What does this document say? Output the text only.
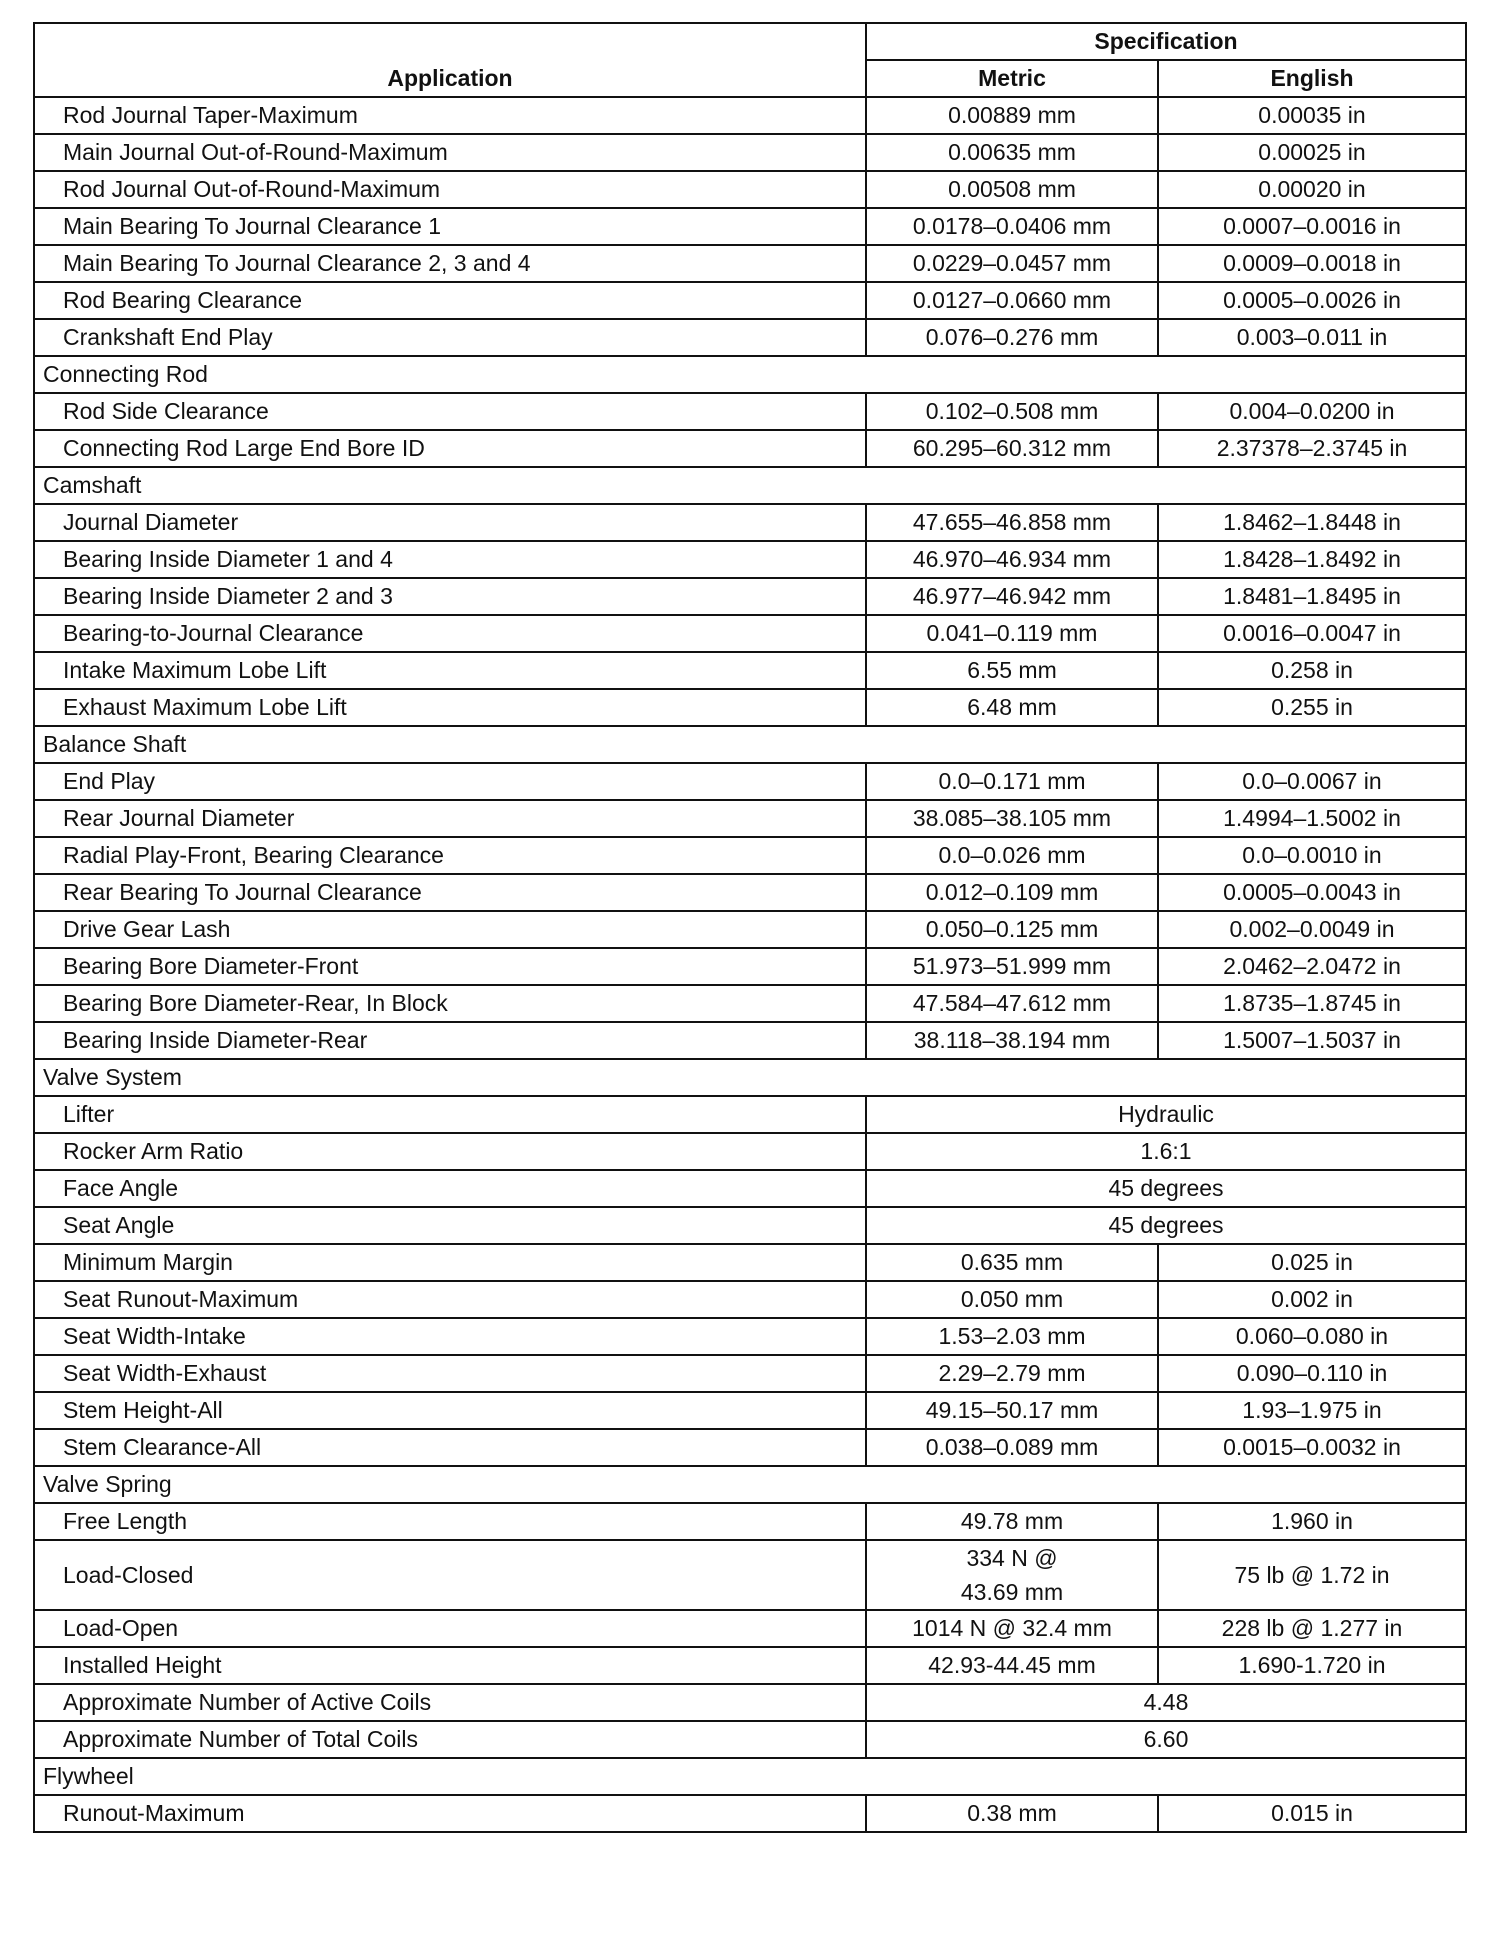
Application	Specification	
	Metric	English
Rod Journal Taper-Maximum	0.00889 mm	0.00035 in
Main Journal Out-of-Round-Maximum	0.00635 mm	0.00025 in
Rod Journal Out-of-Round-Maximum	0.00508 mm	0.00020 in
Main Bearing To Journal Clearance 1	0.0178–0.0406 mm	0.0007–0.0016 in
Main Bearing To Journal Clearance 2, 3 and 4	0.0229–0.0457 mm	0.0009–0.0018 in
Rod Bearing Clearance	0.0127–0.0660 mm	0.0005–0.0026 in
Crankshaft End Play	0.076–0.276 mm	0.003–0.011 in
Connecting Rod		
Rod Side Clearance	0.102–0.508 mm	0.004–0.0200 in
Connecting Rod Large End Bore ID	60.295–60.312 mm	2.37378–2.3745 in
Camshaft		
Journal Diameter	47.655–46.858 mm	1.8462–1.8448 in
Bearing Inside Diameter 1 and 4	46.970–46.934 mm	1.8428–1.8492 in
Bearing Inside Diameter 2 and 3	46.977–46.942 mm	1.8481–1.8495 in
Bearing-to-Journal Clearance	0.041–0.119 mm	0.0016–0.0047 in
Intake Maximum Lobe Lift	6.55 mm	0.258 in
Exhaust Maximum Lobe Lift	6.48 mm	0.255 in
Balance Shaft		
End Play	0.0–0.171 mm	0.0–0.0067 in
Rear Journal Diameter	38.085–38.105 mm	1.4994–1.5002 in
Radial Play-Front, Bearing Clearance	0.0–0.026 mm	0.0–0.0010 in
Rear Bearing To Journal Clearance	0.012–0.109 mm	0.0005–0.0043 in
Drive Gear Lash	0.050–0.125 mm	0.002–0.0049 in
Bearing Bore Diameter-Front	51.973–51.999 mm	2.0462–2.0472 in
Bearing Bore Diameter-Rear, In Block	47.584–47.612 mm	1.8735–1.8745 in
Bearing Inside Diameter-Rear	38.118–38.194 mm	1.5007–1.5037 in
Valve System		
Lifter	Hydraulic	
Rocker Arm Ratio	1.6:1	
Face Angle	45 degrees	
Seat Angle	45 degrees	
Minimum Margin	0.635 mm	0.025 in
Seat Runout-Maximum	0.050 mm	0.002 in
Seat Width-Intake	1.53–2.03 mm	0.060–0.080 in
Seat Width-Exhaust	2.29–2.79 mm	0.090–0.110 in
Stem Height-All	49.15–50.17 mm	1.93–1.975 in
Stem Clearance-All	0.038–0.089 mm	0.0015–0.0032 in
Valve Spring		
Free Length	49.78 mm	1.960 in
Load-Closed	334 N @
43.69 mm	75 lb @ 1.72 in
Load-Open	1014 N @ 32.4 mm	228 lb @ 1.277 in
Installed Height	42.93-44.45 mm	1.690-1.720 in
Approximate Number of Active Coils	4.48	
Approximate Number of Total Coils	6.60	
Flywheel		
Runout-Maximum	0.38 mm	0.015 in
